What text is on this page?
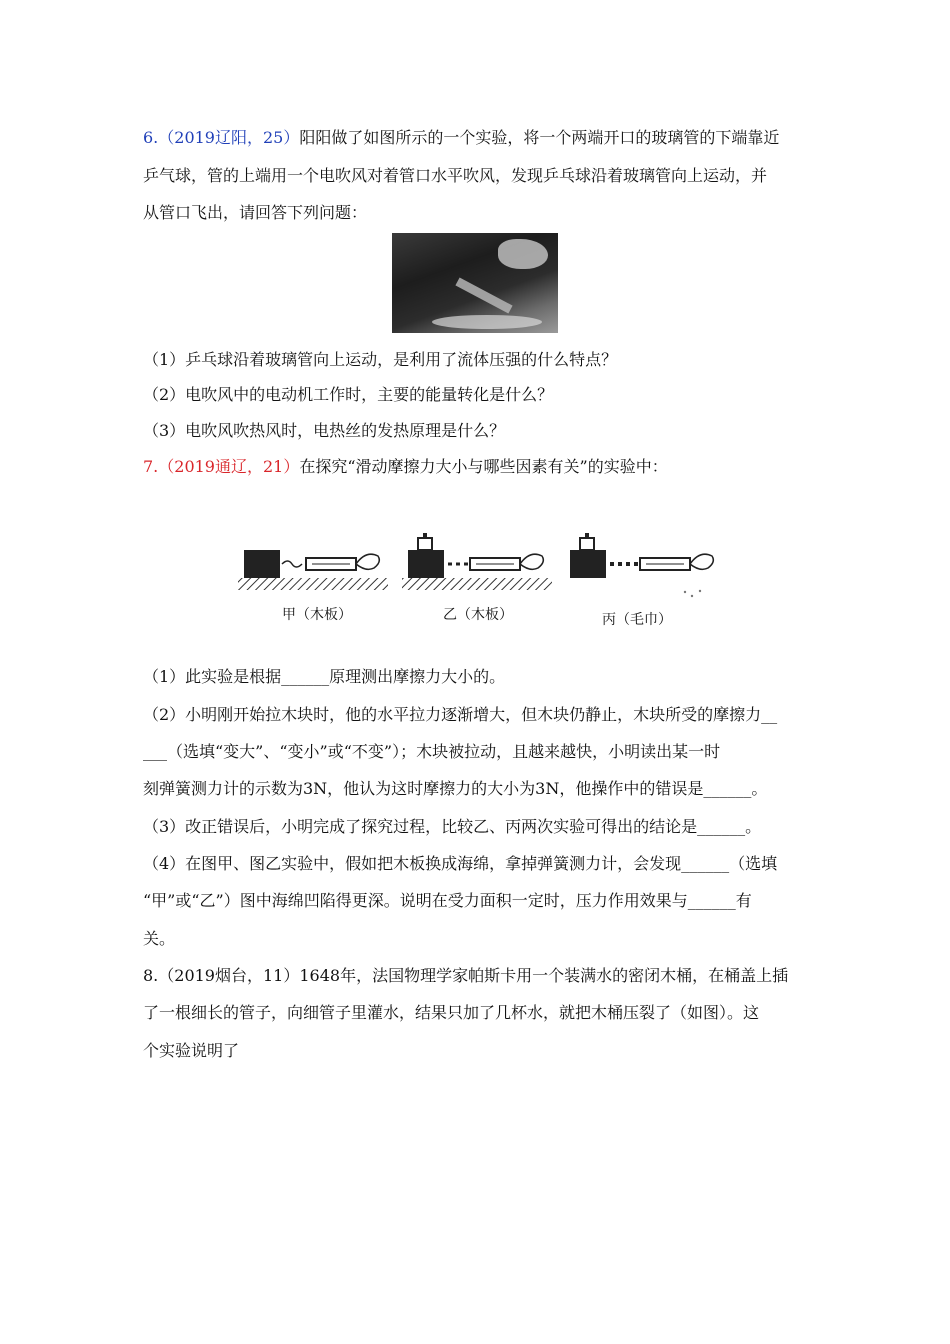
6.（2019辽阳，25）阳阳做了如图所示的一个实验，将一个两端开口的玻璃管的下端靠近
乒气球，管的上端用一个电吹风对着管口水平吹风，发现乒乓球沿着玻璃管向上运动，并
从管口飞出，请回答下列问题：
（1）乒乓球沿着玻璃管向上运动，是利用了流体压强的什么特点？
（2）电吹风中的电动机工作时，主要的能量转化是什么？
（3）电吹风吹热风时，电热丝的发热原理是什么？
7.（2019通辽，21）在探究“滑动摩擦力大小与哪些因素有关”的实验中：
甲（木板）	乙（木板）	丙（毛巾）
（1）此实验是根据______原理测出摩擦力大小的。
（2）小明刚开始拉木块时，他的水平拉力逐渐增大，但木块仍静止，木块所受的摩擦力__
___（选填“变大”、“变小”或“不变”）；木块被拉动，且越来越快，小明读出某一时
刻弹簧测力计的示数为3N，他认为这时摩擦力的大小为3N，他操作中的错误是______。
（3）改正错误后，小明完成了探究过程，比较乙、丙两次实验可得出的结论是______。
（4）在图甲、图乙实验中，假如把木板换成海绵，拿掉弹簧测力计，会发现______（选填
“甲”或“乙”）图中海绵凹陷得更深。说明在受力面积一定时，压力作用效果与______有
关。
8.（2019烟台，11）1648年，法国物理学家帕斯卡用一个装满水的密闭木桶，在桶盖上插
了一根细长的管子，向细管子里灌水，结果只加了几杯水，就把木桶压裂了（如图）。这
个实验说明了
